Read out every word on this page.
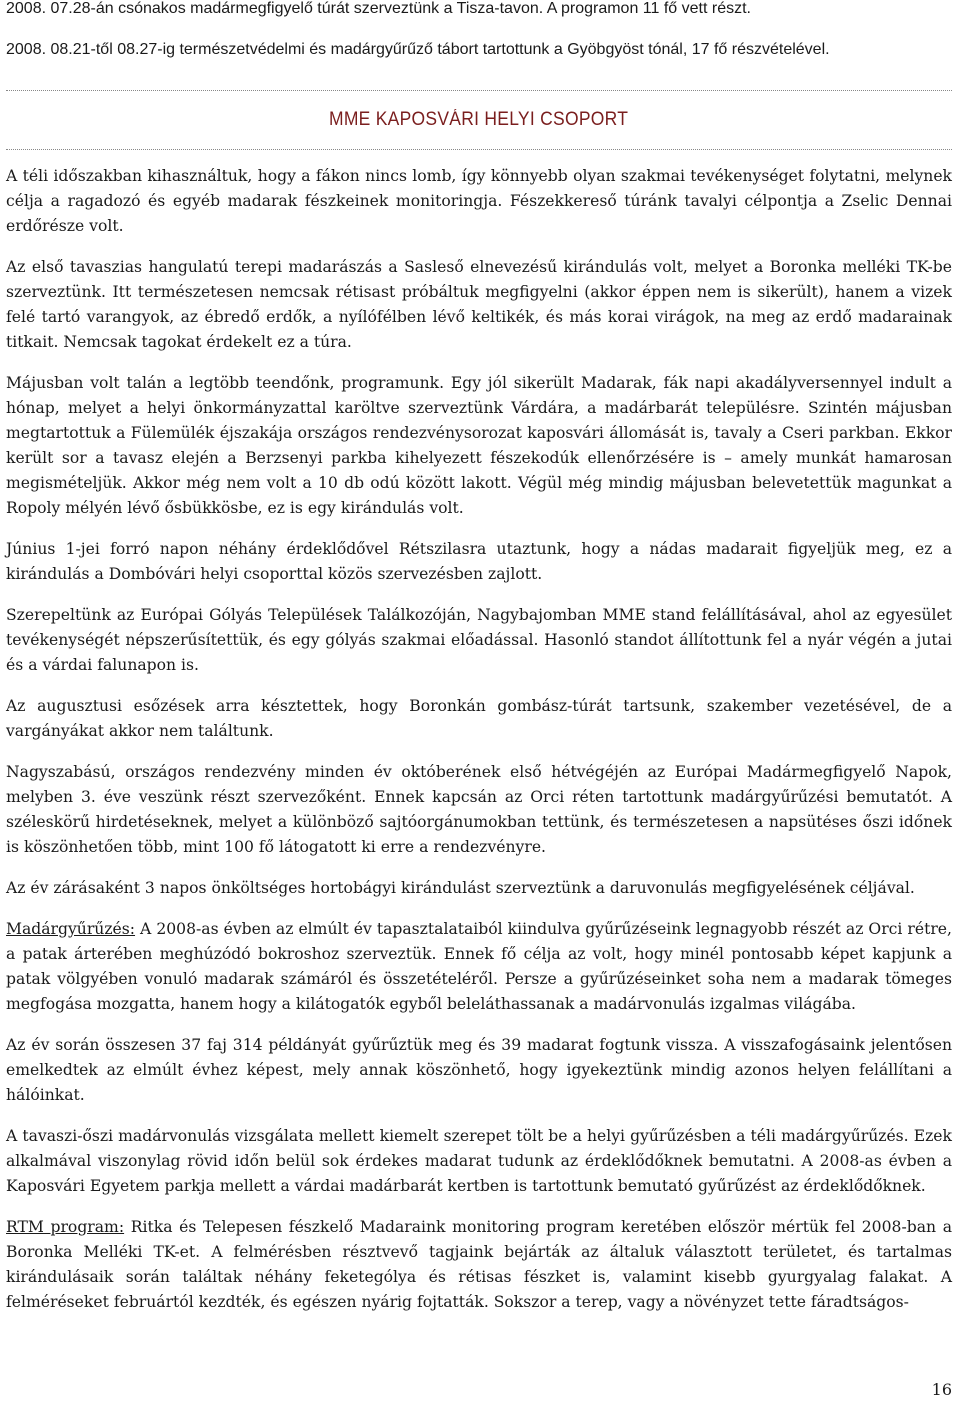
2008. 07.28-án csónakos madármegfigyelő túrát szerveztünk a Tisza-tavon. A programon 11 fő vett részt.

2008. 08.21-től 08.27-ig természetvédelmi és madárgyűrűző tábort tartottunk a Gyöbgyöst tónál, 17 fő részvételével.

MME KAPOSVÁRI HELYI CSOPORT

A téli időszakban kihasználtuk, hogy a fákon nincs lomb, így könnyebb olyan szakmai tevékenységet folytatni, melynek célja a ragadozó és egyéb madarak fészkeinek monitoringja. Fészekkereső túránk tavalyi célpontja a Zselic Dennai erdőrésze volt.

Az első tavaszias hangulatú terepi madarászás a Sasleső elnevezésű kirándulás volt, melyet a Boronka melléki TK-be szerveztünk. Itt természetesen nemcsak rétisast próbáltuk megfigyelni (akkor éppen nem is sikerült), hanem a vizek felé tartó varangyok, az ébredő erdők, a nyílófélben lévő keltikék, és más korai virágok, na meg az erdő madarainak titkait. Nemcsak tagokat érdekelt ez a túra.

Májusban volt talán a legtöbb teendőnk, programunk. Egy jól sikerült Madarak, fák napi akadályversennyel indult a hónap, melyet a helyi önkormányzattal karöltve szerveztünk Várdára, a madárbarát településre. Szintén májusban megtartottuk a Fülemülék éjszakája országos rendezvénysorozat kaposvári állomását is, tavaly a Cseri parkban. Ekkor került sor a tavasz elején a Berzsenyi parkba kihelyezett fészekodúk ellenőrzésére is – amely munkát hamarosan megismételjük. Akkor még nem volt a 10 db odú között lakott. Végül még mindig májusban belevetettük magunkat a Ropoly mélyén lévő ősbükkösbe, ez is egy kirándulás volt.

Június 1-jei forró napon néhány érdeklődővel Rétszilasra utaztunk, hogy a nádas madarait figyeljük meg, ez a kirándulás a Dombóvári helyi csoporttal közös szervezésben zajlott.

Szerepeltünk az Európai Gólyás Települések Találkozóján, Nagybajomban MME stand felállításával, ahol az egyesület tevékenységét népszerűsítettük, és egy gólyás szakmai előadással. Hasonló standot állítottunk fel a nyár végén a jutai és a várdai falunapon is.

Az augusztusi esőzések arra késztettek, hogy Boronkán gombász-túrát tartsunk, szakember vezetésével, de a vargányákat akkor nem találtunk.

Nagyszabású, országos rendezvény minden év októberének első hétvégéjén az Európai Madármegfigyelő Napok, melyben 3. éve veszünk részt szervezőként. Ennek kapcsán az Orci réten tartottunk madárgyűrűzési bemutatót. A széleskörű hirdetéseknek, melyet a különböző sajtóorgánumokban tettünk, és természetesen a napsütéses őszi időnek is köszönhetően több, mint 100 fő látogatott ki erre a rendezvényre.

Az év zárásaként 3 napos önköltséges hortobágyi kirándulást szerveztünk a daruvonulás megfigyelésének céljával.

Madárgyűrűzés: A 2008-as évben az elmúlt év tapasztalataiból kiindulva gyűrűzéseink legnagyobb részét az Orci rétre, a patak árterében meghúzódó bokroshoz szerveztük. Ennek fő célja az volt, hogy minél pontosabb képet kapjunk a patak völgyében vonuló madarak számáról és összetételéről. Persze a gyűrűzéseinket soha nem a madarak tömeges megfogása mozgatta, hanem hogy a kilátogatók egyből beleláthassanak a madárvonulás izgalmas világába.

Az év során összesen 37 faj 314 példányát gyűrűztük meg és 39 madarat fogtunk vissza. A visszafogásaink jelentősen emelkedtek az elmúlt évhez képest, mely annak köszönhető, hogy igyekeztünk mindig azonos helyen felállítani a hálóinkat.

A tavaszi-őszi madárvonulás vizsgálata mellett kiemelt szerepet tölt be a helyi gyűrűzésben a téli madárgyűrűzés. Ezek alkalmával viszonylag rövid időn belül sok érdekes madarat tudunk az érdeklődőknek bemutatni. A 2008-as évben a Kaposvári Egyetem parkja mellett a várdai madárbarát kertben is tartottunk bemutató gyűrűzést az érdeklődőknek.

RTM program: Ritka és Telepesen fészkelő Madaraink monitoring program keretében először mértük fel 2008-ban a Boronka Melléki TK-et. A felmérésben résztvevő tagjaink bejárták az általuk választott területet, és tartalmas kirándulásaik során találtak néhány feketególya és rétisas fészket is, valamint kisebb gyurgyalag falakat. A felméréseket februártól kezdték, és egészen nyárig fojtatták. Sokszor a terep, vagy a növényzet tette fáradtságos-

16
